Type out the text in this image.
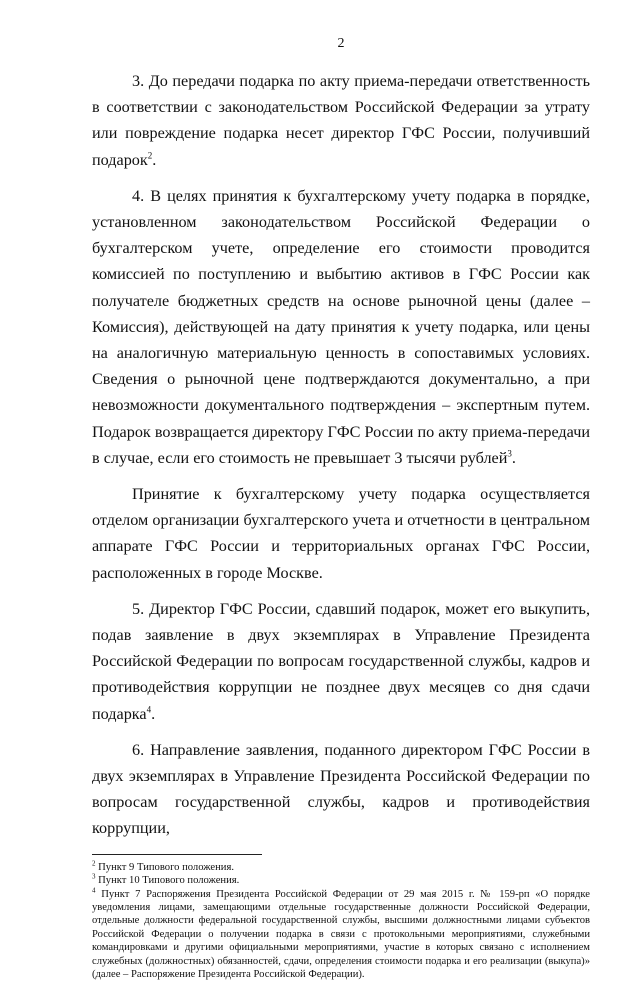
2

3. До передачи подарка по акту приема-передачи ответственность в соответствии с законодательством Российской Федерации за утрату или повреждение подарка несет директор ГФС России, получивший подарок$^2$.

4. В целях принятия к бухгалтерскому учету подарка в порядке, установленном законодательством Российской Федерации о бухгалтерском учете, определение его стоимости проводится комиссией по поступлению и выбытию активов в ГФС России как получателе бюджетных средств на основе рыночной цены (далее – Комиссия), действующей на дату принятия к учету подарка, или цены на аналогичную материальную ценность в сопоставимых условиях. Сведения о рыночной цене подтверждаются документально, а при невозможности документального подтверждения – экспертным путем. Подарок возвращается директору ГФС России по акту приема-передачи в случае, если его стоимость не превышает 3 тысячи рублей$^3$.

Принятие к бухгалтерскому учету подарка осуществляется отделом организации бухгалтерского учета и отчетности в центральном аппарате ГФС России и территориальных органах ГФС России, расположенных в городе Москве.

5. Директор ГФС России, сдавший подарок, может его выкупить, подав заявление в двух экземплярах в Управление Президента Российской Федерации по вопросам государственной службы, кадров и противодействия коррупции не позднее двух месяцев со дня сдачи подарка$^4$.

6. Направление заявления, поданного директором ГФС России в двух экземплярах в Управление Президента Российской Федерации по вопросам государственной службы, кадров и противодействия коррупции,

$^2$ Пункт 9 Типового положения.

$^3$ Пункт 10 Типового положения.

$^4$ Пункт 7 Распоряжения Президента Российской Федерации от 29 мая 2015 г. № 159-рп «О порядке уведомления лицами, замещающими отдельные государственные должности Российской Федерации, отдельные должности федеральной государственной службы, высшими должностными лицами субъектов Российской Федерации о получении подарка в связи с протокольными мероприятиями, служебными командировками и другими официальными мероприятиями, участие в которых связано с исполнением служебных (должностных) обязанностей, сдачи, определения стоимости подарка и его реализации (выкупа)» (далее – Распоряжение Президента Российской Федерации).
